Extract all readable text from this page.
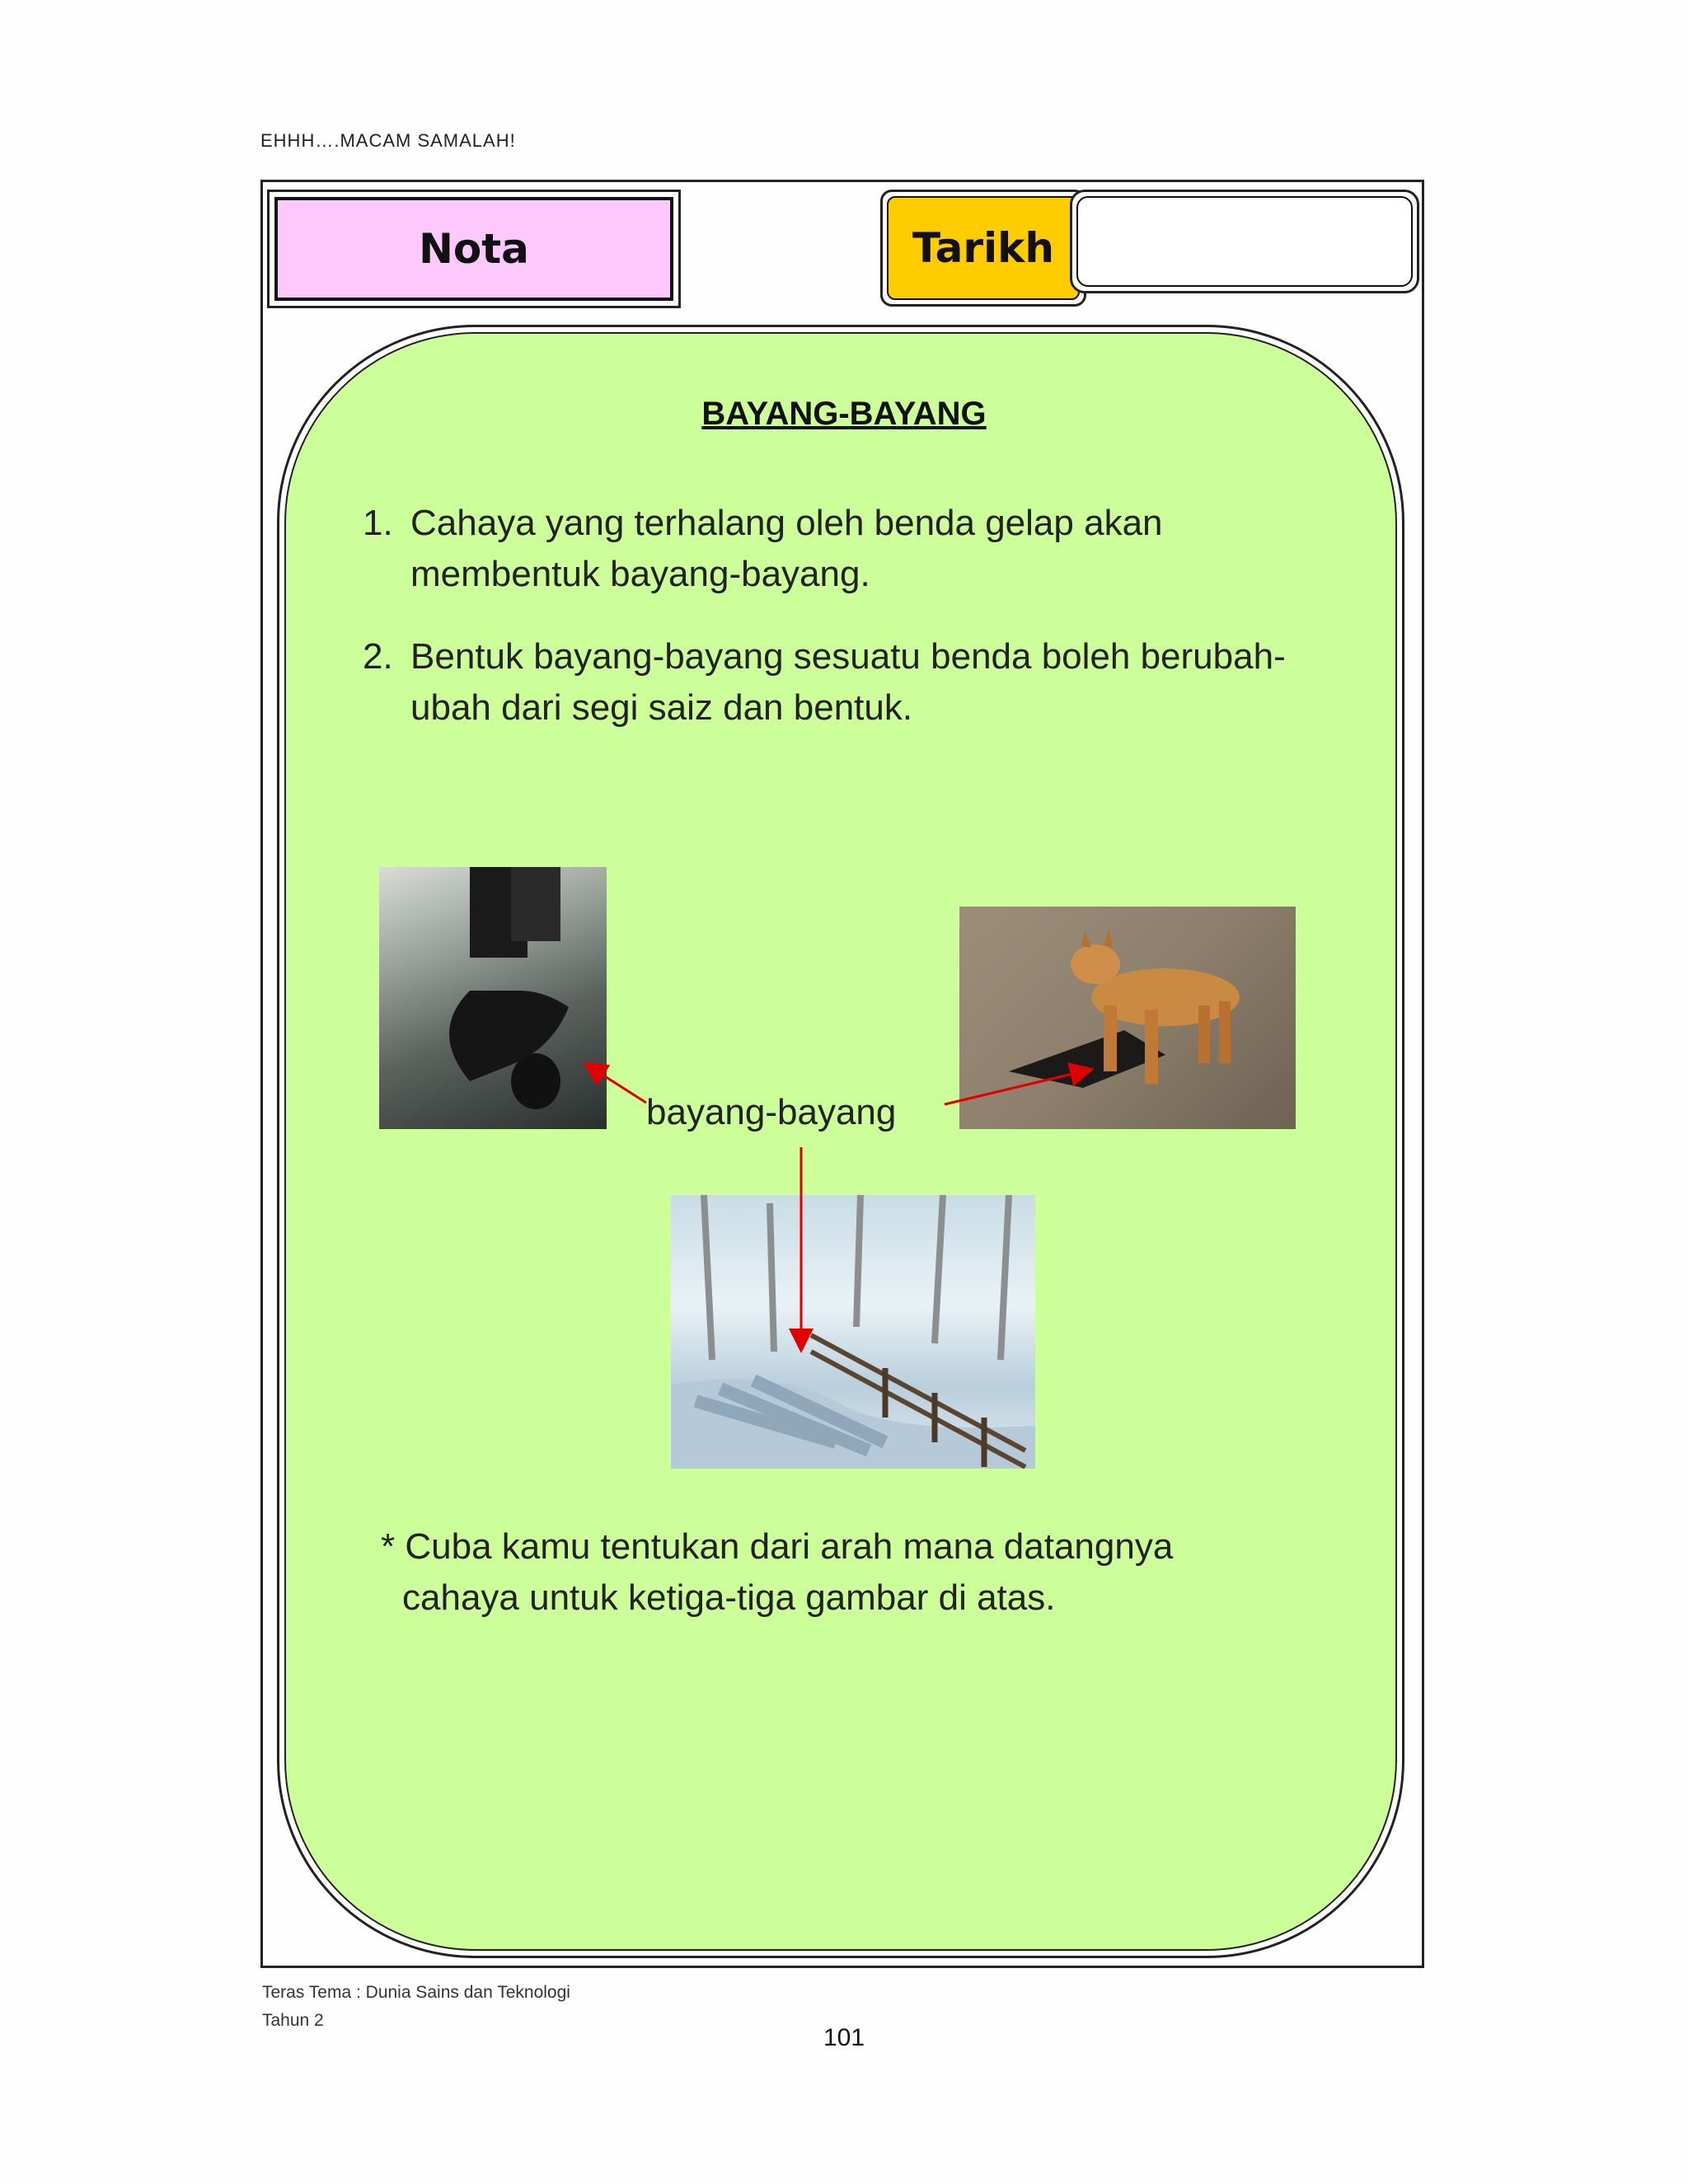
EHHH….MACAM SAMALAH!
Nota	Tarikh
BAYANG-BAYANG
1. Cahaya yang terhalang oleh benda gelap akan membentuk bayang-bayang.
2. Bentuk bayang-bayang sesuatu benda boleh berubah-ubah dari segi saiz dan bentuk.
bayang-bayang
* Cuba kamu tentukan dari arah mana datangnya
cahaya untuk ketiga-tiga gambar di atas.
Teras Tema : Dunia Sains dan Teknologi
Tahun 2
101
